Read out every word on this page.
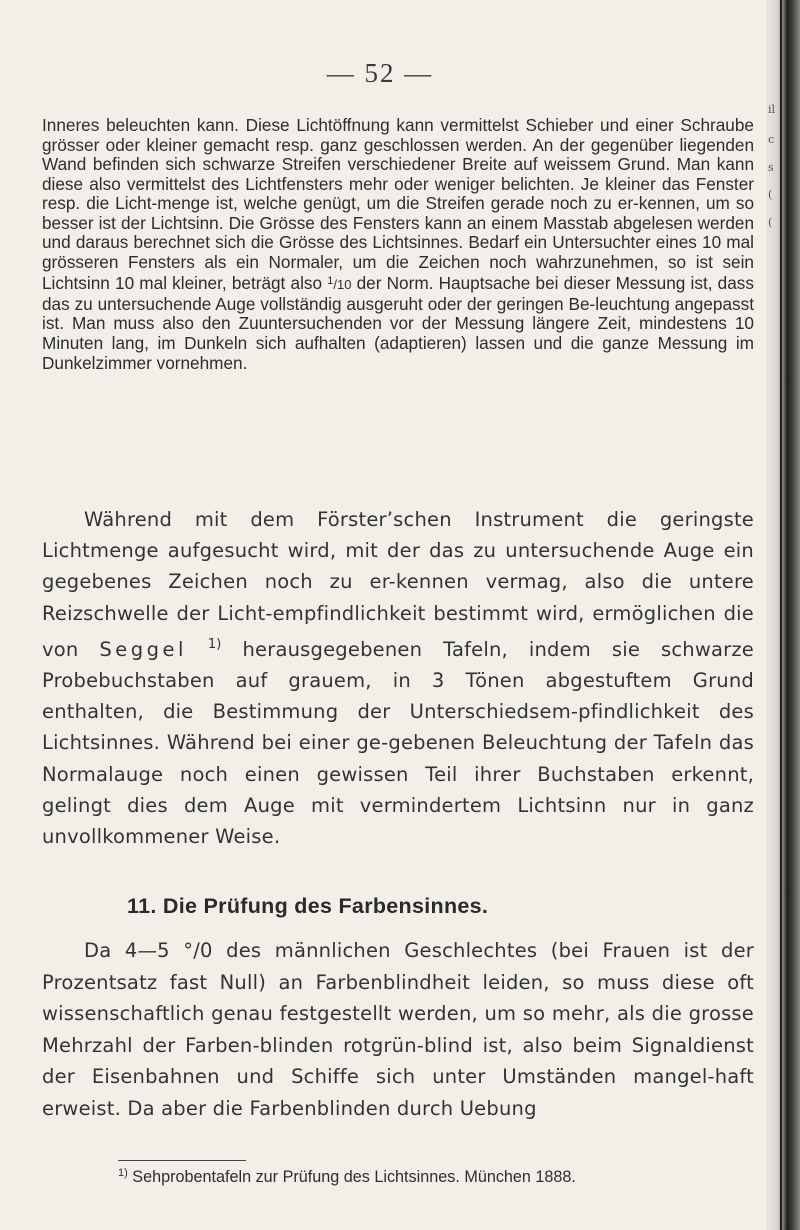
il
c
s
(
(
— 52 —

Inneres beleuchten kann. Diese Lichtöffnung kann vermittelst Schieber und einer Schraube grösser oder kleiner gemacht resp. ganz geschlossen werden. An der gegenüber liegenden Wand befinden sich schwarze Streifen verschiedener Breite auf weissem Grund. Man kann diese also vermittelst des Lichtfensters mehr oder weniger belichten. Je kleiner das Fenster resp. die Licht-menge ist, welche genügt, um die Streifen gerade noch zu er-kennen, um so besser ist der Lichtsinn. Die Grösse des Fensters kann an einem Masstab abgelesen werden und daraus berechnet sich die Grösse des Lichtsinnes. Bedarf ein Untersuchter eines 10 mal grösseren Fensters als ein Normaler, um die Zeichen noch wahrzunehmen, so ist sein Lichtsinn 10 mal kleiner, beträgt also $^1$/10 der Norm. Hauptsache bei dieser Messung ist, dass das zu untersuchende Auge vollständig ausgeruht oder der geringen Be-leuchtung angepasst ist. Man muss also den Zuuntersuchenden vor der Messung längere Zeit, mindestens 10 Minuten lang, im Dunkeln sich aufhalten (adaptieren) lassen und die ganze Messung im Dunkelzimmer vornehmen.

Während mit dem Förster’schen Instrument die geringste Lichtmenge aufgesucht wird, mit der das zu untersuchende Auge ein gegebenes Zeichen noch zu er-kennen vermag, also die untere Reizschwelle der Licht-empfindlichkeit bestimmt wird, ermöglichen die von Seggel $^{1)}$ herausgegebenen Tafeln, indem sie schwarze Probebuchstaben auf grauem, in 3 Tönen abgestuftem Grund enthalten, die Bestimmung der Unterschiedsem-pfindlichkeit des Lichtsinnes. Während bei einer ge-gebenen Beleuchtung der Tafeln das Normalauge noch einen gewissen Teil ihrer Buchstaben erkennt, gelingt dies dem Auge mit vermindertem Lichtsinn nur in ganz unvollkommener Weise.

11. Die Prüfung des Farbensinnes.

Da 4—5 °/0 des männlichen Geschlechtes (bei Frauen ist der Prozentsatz fast Null) an Farbenblindheit leiden, so muss diese oft wissenschaftlich genau festgestellt werden, um so mehr, als die grosse Mehrzahl der Farben-blinden rotgrün-blind ist, also beim Signaldienst der Eisenbahnen und Schiffe sich unter Umständen mangel-haft erweist. Da aber die Farbenblinden durch Uebung

$^{1)}$ Sehprobentafeln zur Prüfung des Lichtsinnes. München 1888.
